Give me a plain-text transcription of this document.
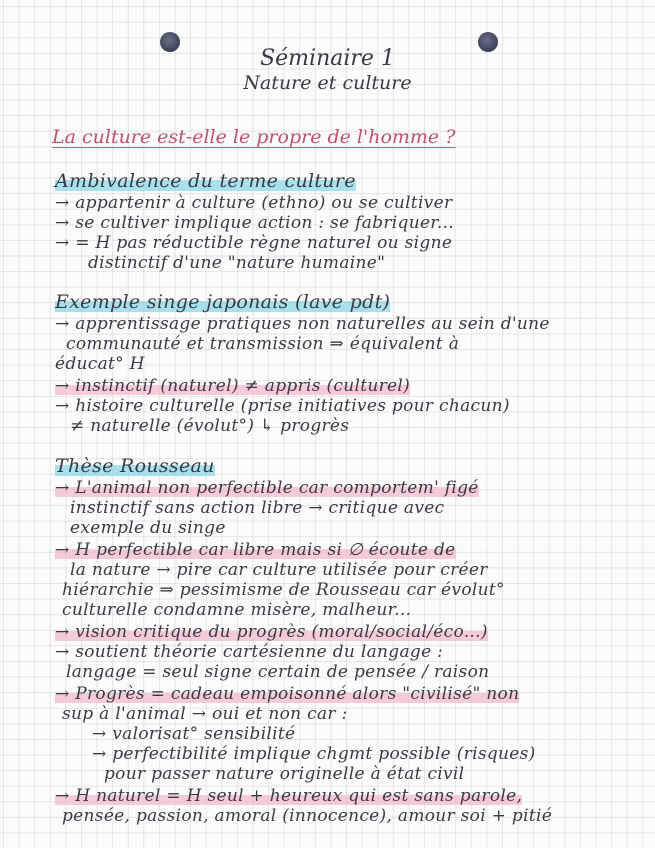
Séminaire 1
Nature et culture
La culture est-elle le propre de l'homme ?
Ambivalence du terme culture
→ appartenir à culture (ethno) ou se cultiver
→ se cultiver implique action : se fabriquer...
→ = H pas réductible règne naturel ou signe
distinctif d'une "nature humaine"
Exemple singe japonais (lave pdt)
→ apprentissage pratiques non naturelles au sein d'une
communauté et transmission ⇒ équivalent à
éducat° H
→ instinctif (naturel) ≠ appris (culturel)
→ histoire culturelle (prise initiatives pour chacun)
≠ naturelle (évolut°) ↳ progrès
Thèse Rousseau
→ L'animal non perfectible car comportem' figé
instinctif sans action libre → critique avec
exemple du singe
→ H perfectible car libre mais si ∅ écoute de
la nature → pire car culture utilisée pour créer
hiérarchie ⇒ pessimisme de Rousseau car évolut°
culturelle condamne misère, malheur...
→ vision critique du progrès (moral/social/éco...)
→ soutient théorie cartésienne du langage :
langage = seul signe certain de pensée / raison
→ Progrès = cadeau empoisonné alors "civilisé" non
sup à l'animal → oui et non car :
→ valorisat° sensibilité
→ perfectibilité implique chgmt possible (risques)
pour passer nature originelle à état civil
→ H naturel = H seul + heureux qui est sans parole,
pensée, passion, amoral (innocence), amour soi + pitié
